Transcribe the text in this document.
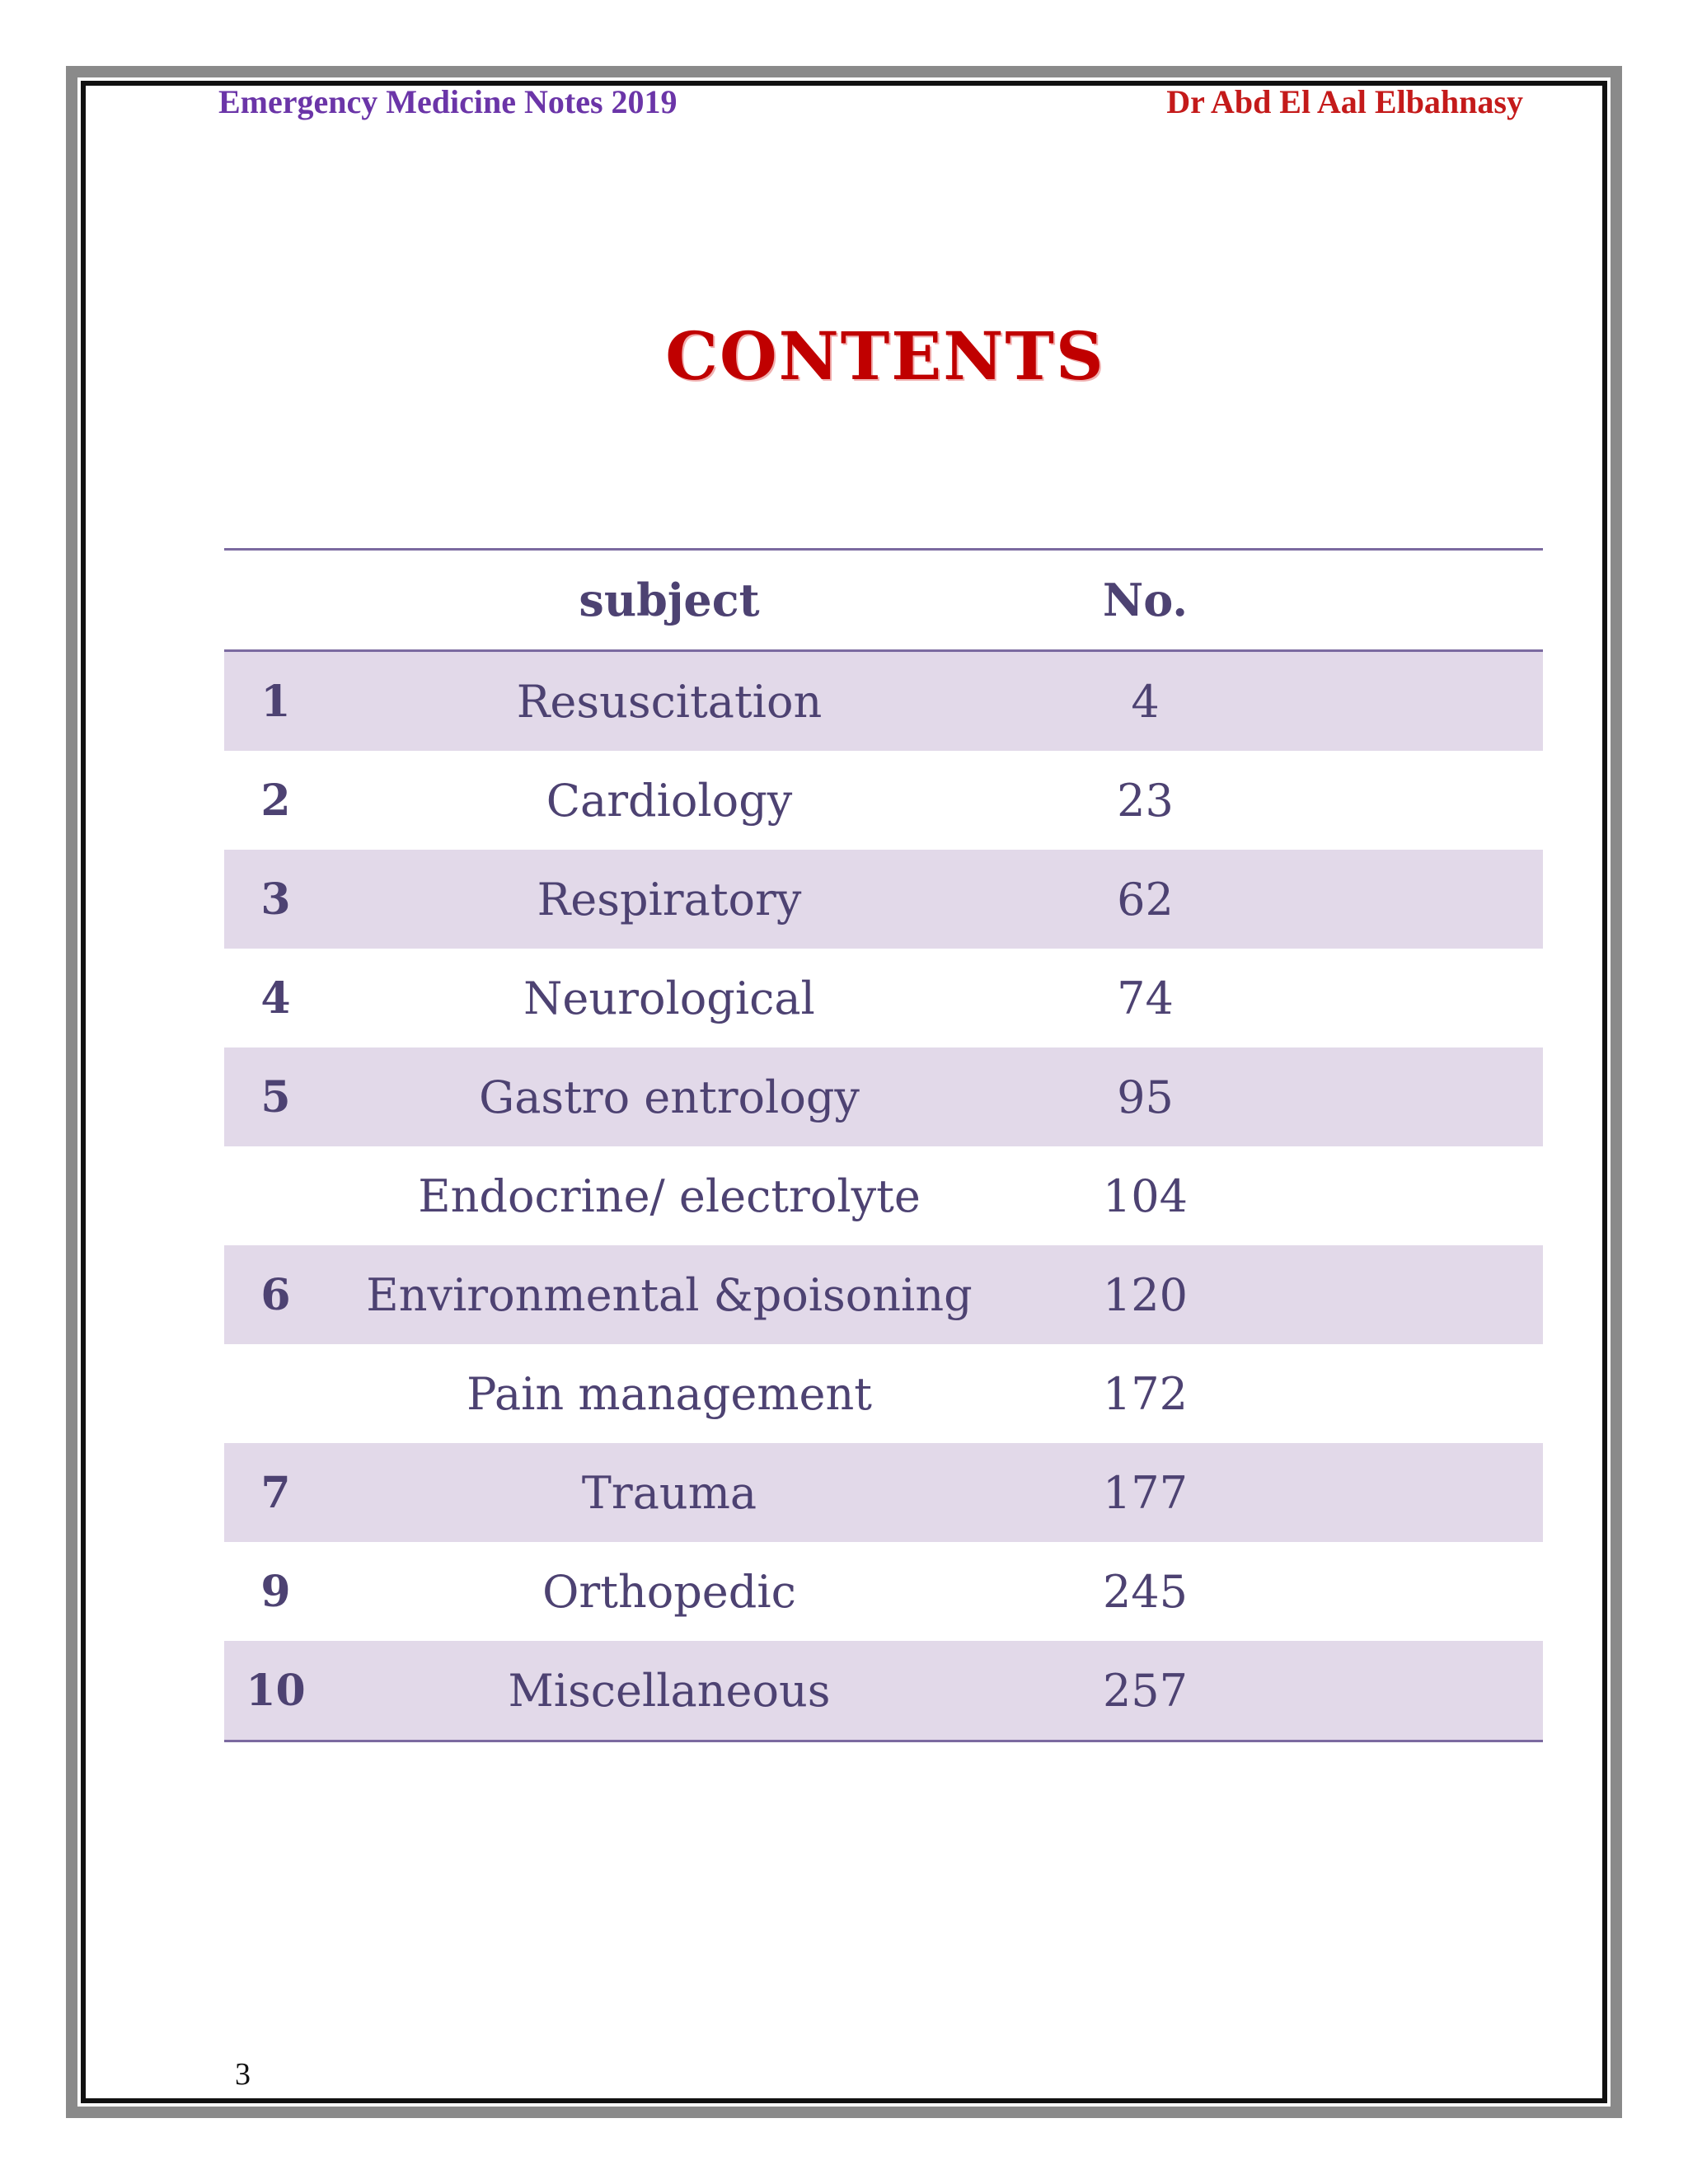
Emergency Medicine Notes 2019	Dr Abd El Aal Elbahnasy
CONTENTS
	subject	No.	
1	Resuscitation	4	
2	Cardiology	23	
3	Respiratory	62	
4	Neurological	74	
5	Gastro entrology	95	
	Endocrine/ electrolyte	104	
6	Environmental &poisoning	120	
	Pain management	172	
7	Trauma	177	
9	Orthopedic	245	
10	Miscellaneous	257	
3
